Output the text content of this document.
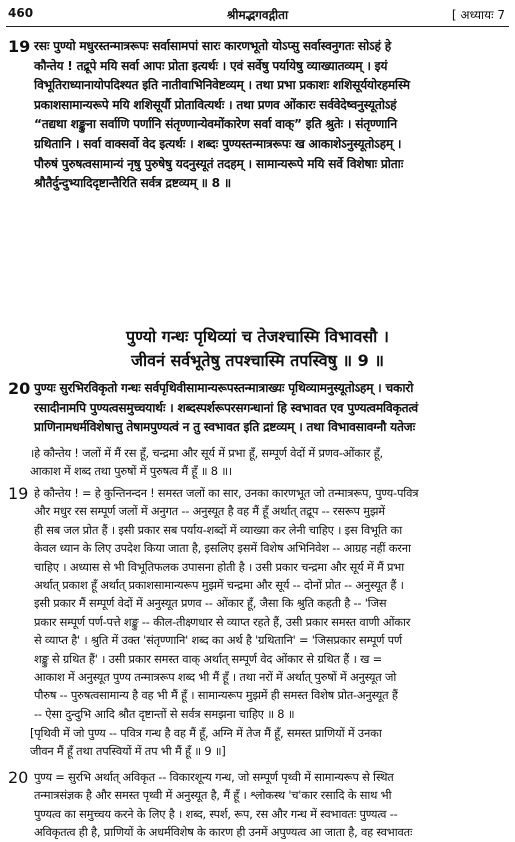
460	श्रीमद्भगवद्गीता	[ अध्यायः 7
19 रसः पुण्यो मधुरस्तन्मात्ररूपः सर्वासामपां सारः कारणभूतो योऽप्सु सर्वास्वनुगतः सोऽहं हे
कौन्तेय ! तद्रूपे मयि सर्वा आपः प्रोता इत्यर्थः । एवं सर्वेषु पर्यायेषु व्याख्यातव्यम् । इयं
विभूतिराध्यानायोपदिश्यत इति नातीवाभिनिवेष्टव्यम् । तथा प्रभा प्रकाशः शशिसूर्ययोरहमस्मि
प्रकाशसामान्यरूपे मयि शशिसूर्यौ प्रोतावित्यर्थः । तथा प्रणव ओंकारः सर्ववेदेष्वनुस्यूतोऽहं
“तद्यथा शङ्कुना सर्वाणि पर्णानि संतृण्णान्येवमोंकारेण सर्वा वाक्” इति श्रुतेः । संतृण्णानि
ग्रथितानि । सर्वा वाक्सर्वो वेद इत्यर्थः । शब्दः पुण्यस्तन्मात्ररूपः ख आकाशेऽनुस्यूतोऽहम् ।
पौरुषं पुरुषत्वसामान्यं नृषु पुरुषेषु यदनुस्यूतं तदहम् । सामान्यरूपे मयि सर्वे विशेषाः प्रोताः
श्रौतैर्दुन्दुभ्यादिदृष्टान्तैरिति सर्वत्र द्रष्टव्यम् ॥ 8 ॥
पुण्यो गन्धः पृथिव्यां च तेजश्चास्मि विभावसौ ।
जीवनं सर्वभूतेषु तपश्चास्मि तपस्विषु ॥ 9 ॥
20 पुण्यः सुरभिरविकृतो गन्धः सर्वपृथिवीसामान्यरूपस्तन्मात्राख्यः पृथिव्यामनुस्यूतोऽहम् । चकारो
रसादीनामपि पुण्यत्वसमुच्चयार्थः । शब्दस्पर्शरूपरसगन्धानां हि स्वभावत एव पुण्यत्वमविकृतत्वं
प्राणिनामधर्मविशेषात्तु तेषामपुण्यत्वं न तु स्वभावत इति द्रष्टव्यम् । तथा विभावसावग्नौ यतेजः
।हे कौन्तेय ! जलों में मैं रस हूँ, चन्द्रमा और सूर्य में प्रभा हूँ, सम्पूर्ण वेदों में प्रणव-ओंकार हूँ,
आकाश में शब्द तथा पुरुषों में पुरुषत्व मैं हूँ ॥ 8 ॥।
19 हे कौन्तेय ! = हे कुन्तिनन्दन ! समस्त जलों का सार, उनका कारणभूत जो तन्मात्ररूप, पुण्य-पवित्र
और मधुर रस सम्पूर्ण जलों में अनुगत -- अनुस्यूत है वह मैं हूँ अर्थात् तद्रूप -- रसरूप मुझमें
ही सब जल प्रोत हैं । इसी प्रकार सब पर्याय-शब्दों में व्याख्या कर लेनी चाहिए । इस विभूति का
केवल ध्यान के लिए उपदेश किया जाता है, इसलिए इसमें विशेष अभिनिवेश -- आग्रह नहीं करना
चाहिए । अध्यास से भी विभूतिफलक उपासना होती है । उसी प्रकार चन्द्रमा और सूर्य में मैं प्रभा
अर्थात् प्रकाश हूँ अर्थात् प्रकाशसामान्यरूप मुझमें चन्द्रमा और सूर्य -- दोनों प्रोत -- अनुस्यूत हैं ।
इसी प्रकार मैं सम्पूर्ण वेदों में अनुस्यूत प्रणव -- ओंकार हूँ, जैसा कि श्रुति कहती है -- 'जिस
प्रकार सम्पूर्ण पर्ण-पत्ते शङ्कु -- कील-तीक्ष्णधार से व्याप्त रहते हैं, उसी प्रकार समस्त वाणी ओंकार
से व्याप्त है' । श्रुति में उक्त 'संतृण्णानि' शब्द का अर्थ है 'ग्रथितानि' = 'जिसप्रकार सम्पूर्ण पर्ण
शङ्कु से ग्रथित हैं' । उसी प्रकार समस्त वाक् अर्थात् सम्पूर्ण वेद ओंकार से ग्रथित हैं । ख =
आकाश में अनुस्यूत पुण्य तन्मात्ररूप शब्द भी मैं हूँ । तथा नरों में अर्थात् पुरुषों में अनुस्यूत जो
पौरुष -- पुरुषत्वसामान्य है वह भी मैं हूँ । सामान्यरूप मुझमें ही समस्त विशेष प्रोत-अनुस्यूत हैं
-- ऐसा दुन्दुभि आदि श्रौत दृष्टान्तों से सर्वत्र समझना चाहिए ॥ 8 ॥
[पृथिवी में जो पुण्य -- पवित्र गन्ध है वह मैं हूँ, अग्नि में तेज मैं हूँ, समस्त प्राणियों में उनका
जीवन मैं हूँ तथा तपस्वियों में तप भी मैं हूँ ॥ 9 ॥]
20 पुण्य = सुरभि अर्थात् अविकृत -- विकारशून्य गन्ध, जो सम्पूर्ण पृथ्वी में सामान्यरूप से स्थित
तन्मात्रसंज्ञक है और समस्त पृथ्वी में अनुस्यूत है, मैं हूँ । श्लोकस्थ 'च'कार रसादि के साथ भी
पुण्यत्व का समुच्चय करने के लिए है । शब्द, स्पर्श, रूप, रस और गन्ध में स्वभावतः पुण्यत्व --
अविकृतत्व ही है, प्राणियों के अधर्मविशेष के कारण ही उनमें अपुण्यत्व आ जाता है, वह स्वभावतः
